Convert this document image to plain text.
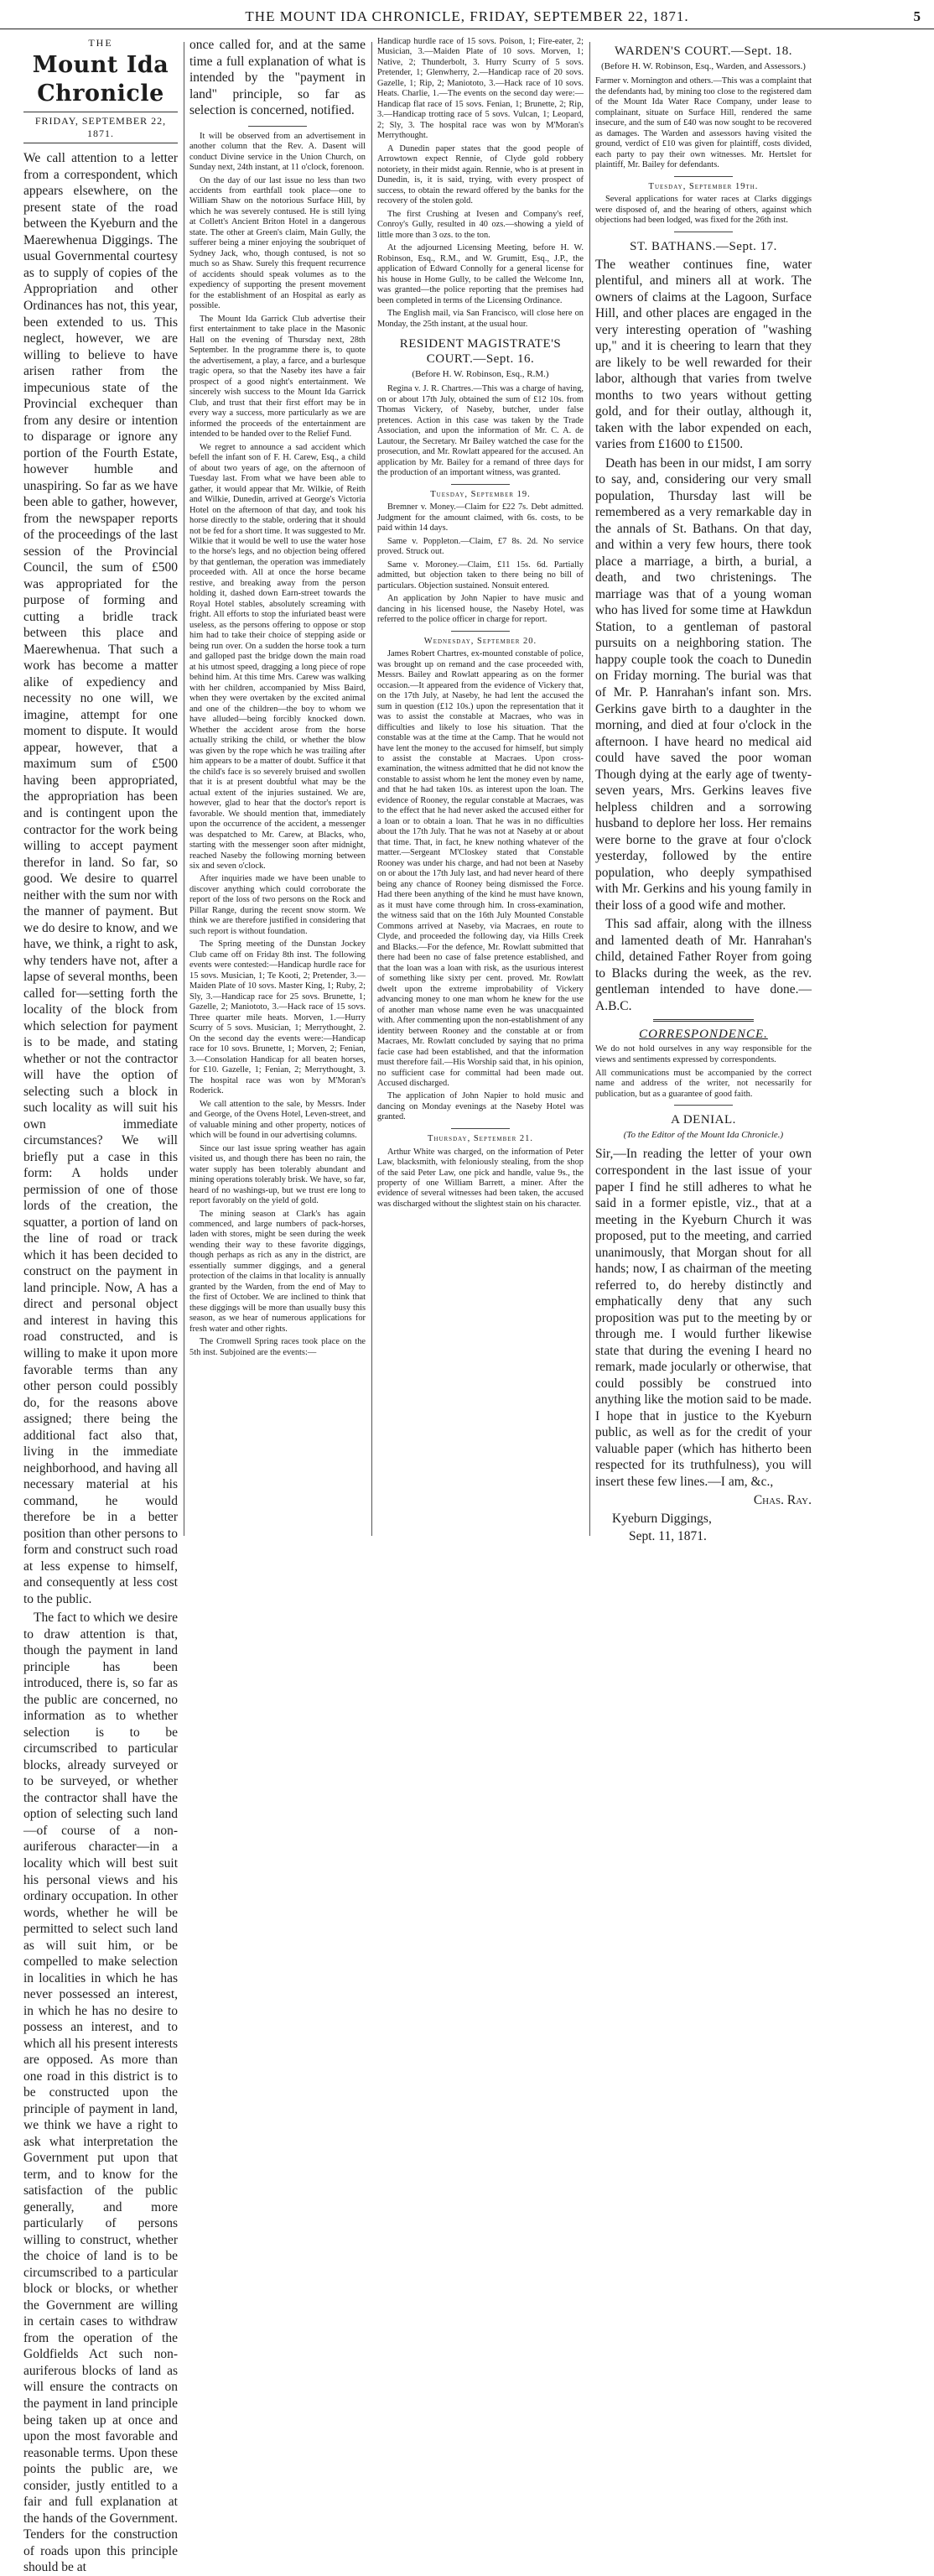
THE MOUNT IDA CHRONICLE, FRIDAY, SEPTEMBER 22, 1871.	5
THE
Mount Ida Chronicle
FRIDAY, SEPTEMBER 22, 1871.

We call attention to a letter from a correspondent, which appears elsewhere, on the present state of the road between the Kyeburn and the Maerewhenua Diggings. The usual Governmental courtesy as to supply of copies of the Appropriation and other Ordinances has not, this year, been extended to us. This neglect, however, we are willing to believe to have arisen rather from the impecunious state of the Provincial exchequer than from any desire or intention to disparage or ignore any portion of the Fourth Estate, however humble and unaspiring. So far as we have been able to gather, however, from the newspaper reports of the proceedings of the last session of the Provincial Council, the sum of £500 was appropriated for the purpose of forming and cutting a bridle track between this place and Maerewhenua. That such a work has become a matter alike of expediency and necessity no one will, we imagine, attempt for one moment to dispute. It would appear, however, that a maximum sum of £500 having been appropriated, the appropriation has been and is contingent upon the contractor for the work being willing to accept payment therefor in land. So far, so good. We desire to quarrel neither with the sum nor with the manner of payment. But we do desire to know, and we have, we think, a right to ask, why tenders have not, after a lapse of several months, been called for—setting forth the locality of the block from which selection for payment is to be made, and stating whether or not the contractor will have the option of selecting such a block in such locality as will suit his own immediate circumstances? We will briefly put a case in this form: A holds under permission of one of those lords of the creation, the squatter, a portion of land on the line of road or track which it has been decided to construct on the payment in land principle. Now, A has a direct and personal object and interest in having this road constructed, and is willing to make it upon more favorable terms than any other person could possibly do, for the reasons above assigned; there being the additional fact also that, living in the immediate neighborhood, and having all necessary material at his command, he would therefore be in a better position than other persons to form and construct such road at less expense to himself, and consequently at less cost to the public.

The fact to which we desire to draw attention is that, though the payment in land principle has been introduced, there is, so far as the public are concerned, no information as to whether selection is to be circumscribed to particular blocks, already surveyed or to be surveyed, or whether the contractor shall have the option of selecting such land—of course of a non-auriferous character—in a locality which will best suit his personal views and his ordinary occupation. In other words, whether he will be permitted to select such land as will suit him, or be compelled to make selection in localities in which he has never possessed an interest, in which he has no desire to possess an interest, and to which all his present interests are opposed. As more than one road in this district is to be constructed upon the principle of payment in land, we think we have a right to ask what interpretation the Government put upon that term, and to know for the satisfaction of the public generally, and more particularly of persons willing to construct, whether the choice of land is to be circumscribed to a particular block or blocks, or whether the Government are willing in certain cases to withdraw from the operation of the Goldfields Act such non-auriferous blocks of land as will ensure the contracts on the payment in land principle being taken up at once and upon the most favorable and reasonable terms. Upon these points the public are, we consider, justly entitled to a fair and full explanation at the hands of the Government. Tenders for the construction of roads upon this principle should be at

once called for, and at the same time a full explanation of what is intended by the "payment in land" principle, so far as selection is concerned, notified.

It will be observed from an advertisement in another column that the Rev. A. Dasent will conduct Divine service in the Union Church, on Sunday next, 24th instant, at 11 o'clock, forenoon.

On the day of our last issue no less than two accidents from earthfall took place—one to William Shaw on the notorious Surface Hill, by which he was severely contused. He is still lying at Collett's Ancient Briton Hotel in a dangerous state. The other at Green's claim, Main Gully, the sufferer being a miner enjoying the soubriquet of Sydney Jack, who, though contused, is not so much so as Shaw. Surely this frequent recurrence of accidents should speak volumes as to the expediency of supporting the present movement for the establishment of an Hospital as early as possible.

The Mount Ida Garrick Club advertise their first entertainment to take place in the Masonic Hall on the evening of Thursday next, 28th September. In the programme there is, to quote the advertisement, a play, a farce, and a burlesque tragic opera, so that the Naseby ites have a fair prospect of a good night's entertainment. We sincerely wish success to the Mount Ida Garrick Club, and trust that their first effort may be in every way a success, more particularly as we are informed the proceeds of the entertainment are intended to be handed over to the Relief Fund.

We regret to announce a sad accident which befell the infant son of F. H. Carew, Esq., a child of about two years of age, on the afternoon of Tuesday last. From what we have been able to gather, it would appear that Mr. Wilkie, of Reith and Wilkie, Dunedin, arrived at George's Victoria Hotel on the afternoon of that day, and took his horse directly to the stable, ordering that it should not be fed for a short time. It was suggested to Mr. Wilkie that it would be well to use the water hose to the horse's legs, and no objection being offered by that gentleman, the operation was immediately proceeded with. All at once the horse became restive, and breaking away from the person holding it, dashed down Earn-street towards the Royal Hotel stables, absolutely screaming with fright. All efforts to stop the infuriated beast were useless, as the persons offering to oppose or stop him had to take their choice of stepping aside or being run over. On a sudden the horse took a turn and galloped past the bridge down the main road at his utmost speed, dragging a long piece of rope behind him. At this time Mrs. Carew was walking with her children, accompanied by Miss Baird, when they were overtaken by the excited animal and one of the children—the boy to whom we have alluded—being forcibly knocked down. Whether the accident arose from the horse actually striking the child, or whether the blow was given by the rope which he was trailing after him appears to be a matter of doubt. Suffice it that the child's face is so severely bruised and swollen that it is at present doubtful what may be the actual extent of the injuries sustained. We are, however, glad to hear that the doctor's report is favorable. We should mention that, immediately upon the occurrence of the accident, a messenger was despatched to Mr. Carew, at Blacks, who, starting with the messenger soon after midnight, reached Naseby the following morning between six and seven o'clock.

After inquiries made we have been unable to discover anything which could corroborate the report of the loss of two persons on the Rock and Pillar Range, during the recent snow storm. We think we are therefore justified in considering that such report is without foundation.

The Spring meeting of the Dunstan Jockey Club came off on Friday 8th inst. The following events were contested:—Handicap hurdle race for 15 sovs. Musician, 1; Te Kooti, 2; Pretender, 3.—Maiden Plate of 10 sovs. Master King, 1; Ruby, 2; Sly, 3.—Handicap race for 25 sovs. Brunette, 1; Gazelle, 2; Maniototo, 3.—Hack race of 15 sovs. Three quarter mile heats. Morven, 1.—Hurry Scurry of 5 sovs. Musician, 1; Merrythought, 2. On the second day the events were:—Handicap race for 10 sovs. Brunette, 1; Morven, 2; Fenian, 3.—Consolation Handicap for all beaten horses, for £10. Gazelle, 1; Fenian, 2; Merrythought, 3. The hospital race was won by M'Moran's Roderick.

We call attention to the sale, by Messrs. Inder and George, of the Ovens Hotel, Leven-street, and of valuable mining and other property, notices of which will be found in our advertising columns.

Since our last issue spring weather has again visited us, and though there has been no rain, the water supply has been tolerably abundant and mining operations tolerably brisk. We have, so far, heard of no washings-up, but we trust ere long to report favorably on the yield of gold.

The mining season at Clark's has again commenced, and large numbers of pack-horses, laden with stores, might be seen during the week wending their way to these favorite diggings, though perhaps as rich as any in the district, are essentially summer diggings, and a general protection of the claims in that locality is annually granted by the Warden, from the end of May to the first of October. We are inclined to think that these diggings will be more than usually busy this season, as we hear of numerous applications for fresh water and other rights.

The Cromwell Spring races took place on the 5th inst. Subjoined are the events:—

Handicap hurdle race of 15 sovs. Poison, 1; Fire-eater, 2; Musician, 3.—Maiden Plate of 10 sovs. Morven, 1; Native, 2; Thunderbolt, 3. Hurry Scurry of 5 sovs. Pretender, 1; Glenwherry, 2.—Handicap race of 20 sovs. Gazelle, 1; Rip, 2; Maniototo, 3.—Hack race of 10 sovs. Heats. Charlie, 1.—The events on the second day were:—Handicap flat race of 15 sovs. Fenian, 1; Brunette, 2; Rip, 3.—Handicap trotting race of 5 sovs. Vulcan, 1; Leopard, 2; Sly, 3. The hospital race was won by M'Moran's Merrythought.

A Dunedin paper states that the good people of Arrowtown expect Rennie, of Clyde gold robbery notoriety, in their midst again. Rennie, who is at present in Dunedin, is, it is said, trying, with every prospect of success, to obtain the reward offered by the banks for the recovery of the stolen gold.

The first Crushing at Ivesen and Company's reef, Conroy's Gully, resulted in 40 ozs.—showing a yield of little more than 3 ozs. to the ton.

At the adjourned Licensing Meeting, before H. W. Robinson, Esq., R.M., and W. Grumitt, Esq., J.P., the application of Edward Connolly for a general license for his house in Home Gully, to be called the Welcome Inn, was granted—the police reporting that the premises had been completed in terms of the Licensing Ordinance.

The English mail, via San Francisco, will close here on Monday, the 25th instant, at the usual hour.

RESIDENT MAGISTRATE'S COURT.—Sept. 16.
(Before H. W. Robinson, Esq., R.M.)

Regina v. J. R. Chartres.—This was a charge of having, on or about 17th July, obtained the sum of £12 10s. from Thomas Vickery, of Naseby, butcher, under false pretences. Action in this case was taken by the Trade Association, and upon the information of Mr. C. A. de Lautour, the Secretary. Mr Bailey watched the case for the prosecution, and Mr. Rowlatt appeared for the accused. An application by Mr. Bailey for a remand of three days for the production of an important witness, was granted.

Tuesday, September 19.

Bremner v. Money.—Claim for £22 7s. Debt admitted. Judgment for the amount claimed, with 6s. costs, to be paid within 14 days.

Same v. Poppleton.—Claim, £7 8s. 2d. No service proved. Struck out.

Same v. Moroney.—Claim, £11 15s. 6d. Partially admitted, but objection taken to there being no bill of particulars. Objection sustained. Nonsuit entered.

An application by John Napier to have music and dancing in his licensed house, the Naseby Hotel, was referred to the police officer in charge for report.

Wednesday, September 20.

James Robert Chartres, ex-mounted constable of police, was brought up on remand and the case proceeded with, Messrs. Bailey and Rowlatt appearing as on the former occasion.—It appeared from the evidence of Vickery that, on the 17th July, at Naseby, he had lent the accused the sum in question (£12 10s.) upon the representation that it was to assist the constable at Macraes, who was in difficulties and likely to lose his situation. That the constable was at the time at the Camp. That he would not have lent the money to the accused for himself, but simply to assist the constable at Macraes. Upon cross-examination, the witness admitted that he did not know the constable to assist whom he lent the money even by name, and that he had taken 10s. as interest upon the loan. The evidence of Rooney, the regular constable at Macraes, was to the effect that he had never asked the accused either for a loan or to obtain a loan. That he was in no difficulties about the 17th July. That he was not at Naseby at or about that time. That, in fact, he knew nothing whatever of the matter.—Sergeant M'Closkey stated that Constable Rooney was under his charge, and had not been at Naseby on or about the 17th July last, and had never heard of there being any chance of Rooney being dismissed the Force. Had there been anything of the kind he must have known, as it must have come through him. In cross-examination, the witness said that on the 16th July Mounted Constable Commons arrived at Naseby, via Macraes, en route to Clyde, and proceeded the following day, via Hills Creek and Blacks.—For the defence, Mr. Rowlatt submitted that there had been no case of false pretence established, and that the loan was a loan with risk, as the usurious interest of something like sixty per cent. proved. Mr. Rowlatt dwelt upon the extreme improbability of Vickery advancing money to one man whom he knew for the use of another man whose name even he was unacquainted with. After commenting upon the non-establishment of any identity between Rooney and the constable at or from Macraes, Mr. Rowlatt concluded by saying that no prima facie case had been established, and that the information must therefore fail.—His Worship said that, in his opinion, no sufficient case for committal had been made out. Accused discharged.

The application of John Napier to hold music and dancing on Monday evenings at the Naseby Hotel was granted.

Thursday, September 21.

Arthur White was charged, on the information of Peter Law, blacksmith, with feloniously stealing, from the shop of the said Peter Law, one pick and handle, value 9s., the property of one William Barrett, a miner. After the evidence of several witnesses had been taken, the accused was discharged without the slightest stain on his character.

WARDEN'S COURT.—Sept. 18.
(Before H. W. Robinson, Esq., Warden, and Assessors.)

Farmer v. Mornington and others.—This was a complaint that the defendants had, by mining too close to the registered dam of the Mount Ida Water Race Company, under lease to complainant, situate on Surface Hill, rendered the same insecure, and the sum of £40 was now sought to be recovered as damages. The Warden and assessors having visited the ground, verdict of £10 was given for plaintiff, costs divided, each party to pay their own witnesses. Mr. Hertslet for plaintiff, Mr. Bailey for defendants.

Tuesday, September 19th.

Several applications for water races at Clarks diggings were disposed of, and the hearing of others, against which objections had been lodged, was fixed for the 26th inst.

ST. BATHANS.—Sept. 17.

The weather continues fine, water plentiful, and miners all at work. The owners of claims at the Lagoon, Surface Hill, and other places are engaged in the very interesting operation of "washing up," and it is cheering to learn that they are likely to be well rewarded for their labor, although that varies from twelve months to two years without getting gold, and for their outlay, although it, taken with the labor expended on each, varies from £1600 to £1500.

Death has been in our midst, I am sorry to say, and, considering our very small population, Thursday last will be remembered as a very remarkable day in the annals of St. Bathans. On that day, and within a very few hours, there took place a marriage, a birth, a burial, a death, and two christenings. The marriage was that of a young woman who has lived for some time at Hawkdun Station, to a gentleman of pastoral pursuits on a neighboring station. The happy couple took the coach to Dunedin on Friday morning. The burial was that of Mr. P. Hanrahan's infant son. Mrs. Gerkins gave birth to a daughter in the morning, and died at four o'clock in the afternoon. I have heard no medical aid could have saved the poor woman Though dying at the early age of twenty-seven years, Mrs. Gerkins leaves five helpless children and a sorrowing husband to deplore her loss. Her remains were borne to the grave at four o'clock yesterday, followed by the entire population, who deeply sympathised with Mr. Gerkins and his young family in their loss of a good wife and mother.

This sad affair, along with the illness and lamented death of Mr. Hanrahan's child, detained Father Royer from going to Blacks during the week, as the rev. gentleman intended to have done.—A.B.C.

CORRESPONDENCE.

We do not hold ourselves in any way responsible for the views and sentiments expressed by correspondents.

All communications must be accompanied by the correct name and address of the writer, not necessarily for publication, but as a guarantee of good faith.

A DENIAL.
(To the Editor of the Mount Ida Chronicle.)

Sir,—In reading the letter of your own correspondent in the last issue of your paper I find he still adheres to what he said in a former epistle, viz., that at a meeting in the Kyeburn Church it was proposed, put to the meeting, and carried unanimously, that Morgan shout for all hands; now, I as chairman of the meeting referred to, do hereby distinctly and emphatically deny that any such proposition was put to the meeting by or through me. I would further likewise state that during the evening I heard no remark, made jocularly or otherwise, that could possibly be construed into anything like the motion said to be made. I hope that in justice to the Kyeburn public, as well as for the credit of your valuable paper (which has hitherto been respected for its truthfulness), you will insert these few lines.—I am, &c.,

Chas. Ray.
Kyeburn Diggings,
Sept. 11, 1871.
